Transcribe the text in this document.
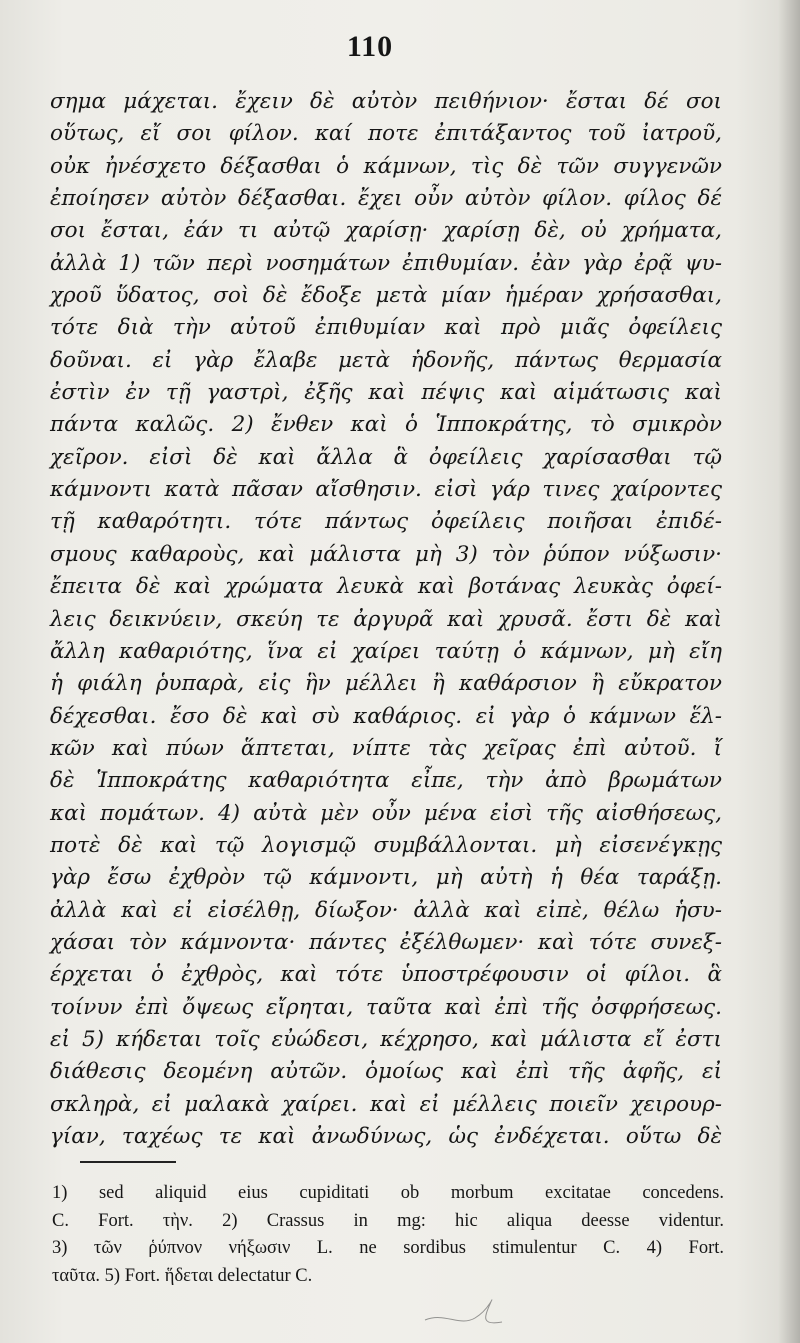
110
σημα μάχεται. ἔχειν δὲ αὐτὸν πειθήνιον· ἔσται δέ σοι
οὕτως, εἴ σοι φίλον. καί ποτε ἐπιτάξαντος τοῦ ἰατροῦ,
οὐκ ἠνέσχετο δέξασθαι ὁ κάμνων, τὶς δὲ τῶν συγγενῶν
ἐποίησεν αὐτὸν δέξασθαι. ἔχει οὖν αὐτὸν φίλον. φίλος δέ
σοι ἔσται, ἐάν τι αὐτῷ χαρίσῃ· χαρίσῃ δὲ, οὐ χρήματα,
ἀλλὰ 1) τῶν περὶ νοσημάτων ἐπιθυμίαν. ἐὰν γὰρ ἐρᾷ ψυ-
χροῦ ὕδατος, σοὶ δὲ ἔδοξε μετὰ μίαν ἡμέραν χρήσασθαι,
τότε διὰ τὴν αὐτοῦ ἐπιθυμίαν καὶ πρὸ μιᾶς ὀφείλεις
δοῦναι. εἰ γὰρ ἔλαβε μετὰ ἡδονῆς, πάντως θερμασία
ἐστὶν ἐν τῇ γαστρὶ, ἐξῆς καὶ πέψις καὶ αἱμάτωσις καὶ
πάντα καλῶς. 2) ἔνθεν καὶ ὁ Ἱπποκράτης, τὸ σμικρὸν
χεῖρον. εἰσὶ δὲ καὶ ἄλλα ἃ ὀφείλεις χαρίσασθαι τῷ
κάμνοντι κατὰ πᾶσαν αἴσθησιν. εἰσὶ γάρ τινες χαίροντες
τῇ καθαρότητι. τότε πάντως ὀφείλεις ποιῆσαι ἐπιδέ-
σμους καθαροὺς, καὶ μάλιστα μὴ 3) τὸν ῥύπον νύξωσιν·
ἔπειτα δὲ καὶ χρώματα λευκὰ καὶ βοτάνας λευκὰς ὀφεί-
λεις δεικνύειν, σκεύη τε ἀργυρᾶ καὶ χρυσᾶ. ἔστι δὲ καὶ
ἄλλη καθαριότης, ἵνα εἰ χαίρει ταύτῃ ὁ κάμνων, μὴ εἴη
ἡ φιάλη ῥυπαρὰ, εἰς ἣν μέλλει ἢ καθάρσιον ἢ εὔκρατον
δέχεσθαι. ἔσο δὲ καὶ σὺ καθάριος. εἰ γὰρ ὁ κάμνων ἕλ-
κῶν καὶ πύων ἅπτεται, νίπτε τὰς χεῖρας ἐπὶ αὐτοῦ. ἴ
δὲ Ἱπποκράτης καθαριότητα εἶπε, τὴν ἀπὸ βρωμάτων
καὶ πομάτων. 4) αὐτὰ μὲν οὖν μένα εἰσὶ τῆς αἰσθήσεως,
ποτὲ δὲ καὶ τῷ λογισμῷ συμβάλλονται. μὴ εἰσενέγκῃς
γὰρ ἔσω ἐχθρὸν τῷ κάμνοντι, μὴ αὐτὴ ἡ θέα ταράξῃ.
ἀλλὰ καὶ εἰ εἰσέλθῃ, δίωξον· ἀλλὰ καὶ εἰπὲ, θέλω ἡσυ-
χάσαι τὸν κάμνοντα· πάντες ἐξέλθωμεν· καὶ τότε συνεξ-
έρχεται ὁ ἐχθρὸς, καὶ τότε ὑποστρέφουσιν οἱ φίλοι. ἃ
τοίνυν ἐπὶ ὄψεως εἴρηται, ταῦτα καὶ ἐπὶ τῆς ὀσφρήσεως.
εἰ 5) κήδεται τοῖς εὐώδεσι, κέχρησο, καὶ μάλιστα εἴ ἐστι
διάθεσις δεομένη αὐτῶν. ὁμοίως καὶ ἐπὶ τῆς ἁφῆς, εἰ
σκληρὰ, εἰ μαλακὰ χαίρει. καὶ εἰ μέλλεις ποιεῖν χειρουρ-
γίαν, ταχέως τε καὶ ἀνωδύνως, ὡς ἐνδέχεται. οὕτω δὲ
1) sed aliquid eius cupiditati ob morbum excitatae concedens.
C. Fort. τὴν. 2) Crassus in mg: hic aliqua deesse videntur.
3) τῶν ῥύπνον νήξωσιν L. ne sordibus stimulentur C. 4) Fort.
ταῦτα. 5) Fort. ἥδεται delectatur C.
